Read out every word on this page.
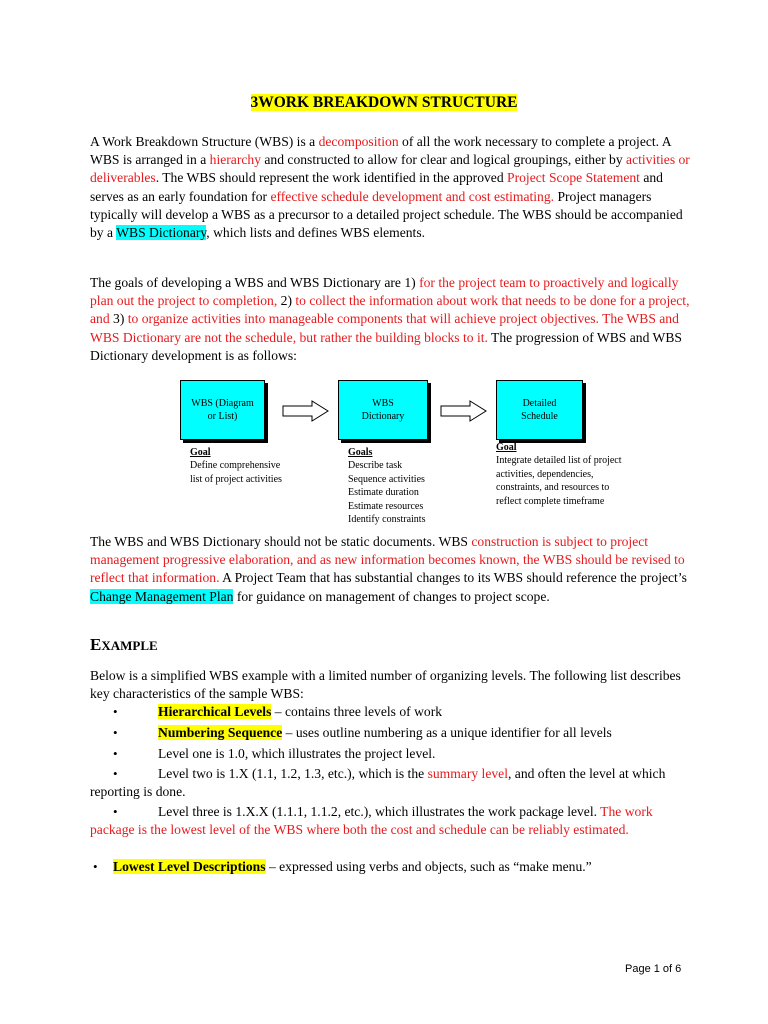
3WORK BREAKDOWN STRUCTURE

A Work Breakdown Structure (WBS) is a decomposition of all the work necessary to complete a project. A WBS is arranged in a hierarchy and constructed to allow for clear and logical groupings, either by activities or deliverables. The WBS should represent the work identified in the approved Project Scope Statement and serves as an early foundation for effective schedule development and cost estimating. Project managers typically will develop a WBS as a precursor to a detailed project schedule. The WBS should be accompanied by a WBS Dictionary, which lists and defines WBS elements.

The goals of developing a WBS and WBS Dictionary are 1) for the project team to proactively and logically plan out the project to completion, 2) to collect the information about work that needs to be done for a project, and 3) to organize activities into manageable components that will achieve project objectives. The WBS and WBS Dictionary are not the schedule, but rather the building blocks to it. The progression of WBS and WBS Dictionary development is as follows:

WBS (Diagram
or List)
WBS
Dictionary
Detailed
Schedule
Goal
Define comprehensive
list of project activities
Goals
Describe task
Sequence activities
Estimate duration
Estimate resources
Identify constraints
Goal
Integrate detailed list of project
activities, dependencies,
constraints, and resources to
reflect complete timeframe

The WBS and WBS Dictionary should not be static documents. WBS construction is subject to project management progressive elaboration, and as new information becomes known, the WBS should be revised to reflect that information. A Project Team that has substantial changes to its WBS should reference the project’s Change Management Plan for guidance on management of changes to project scope.

EXAMPLE

Below is a simplified WBS example with a limited number of organizing levels. The following list describes key characteristics of the sample WBS:

•	Hierarchical Levels – contains three levels of work
•	Numbering Sequence – uses outline numbering as a unique identifier for all levels
•	Level one is 1.0, which illustrates the project level.
•	Level two is 1.X (1.1, 1.2, 1.3, etc.), which is the summary level, and often the level at which reporting is done.
•	Level three is 1.X.X (1.1.1, 1.1.2, etc.), which illustrates the work package level. The work package is the lowest level of the WBS where both the cost and schedule can be reliably estimated.
• Lowest Level Descriptions – expressed using verbs and objects, such as “make menu.”
Page 1 of 6
